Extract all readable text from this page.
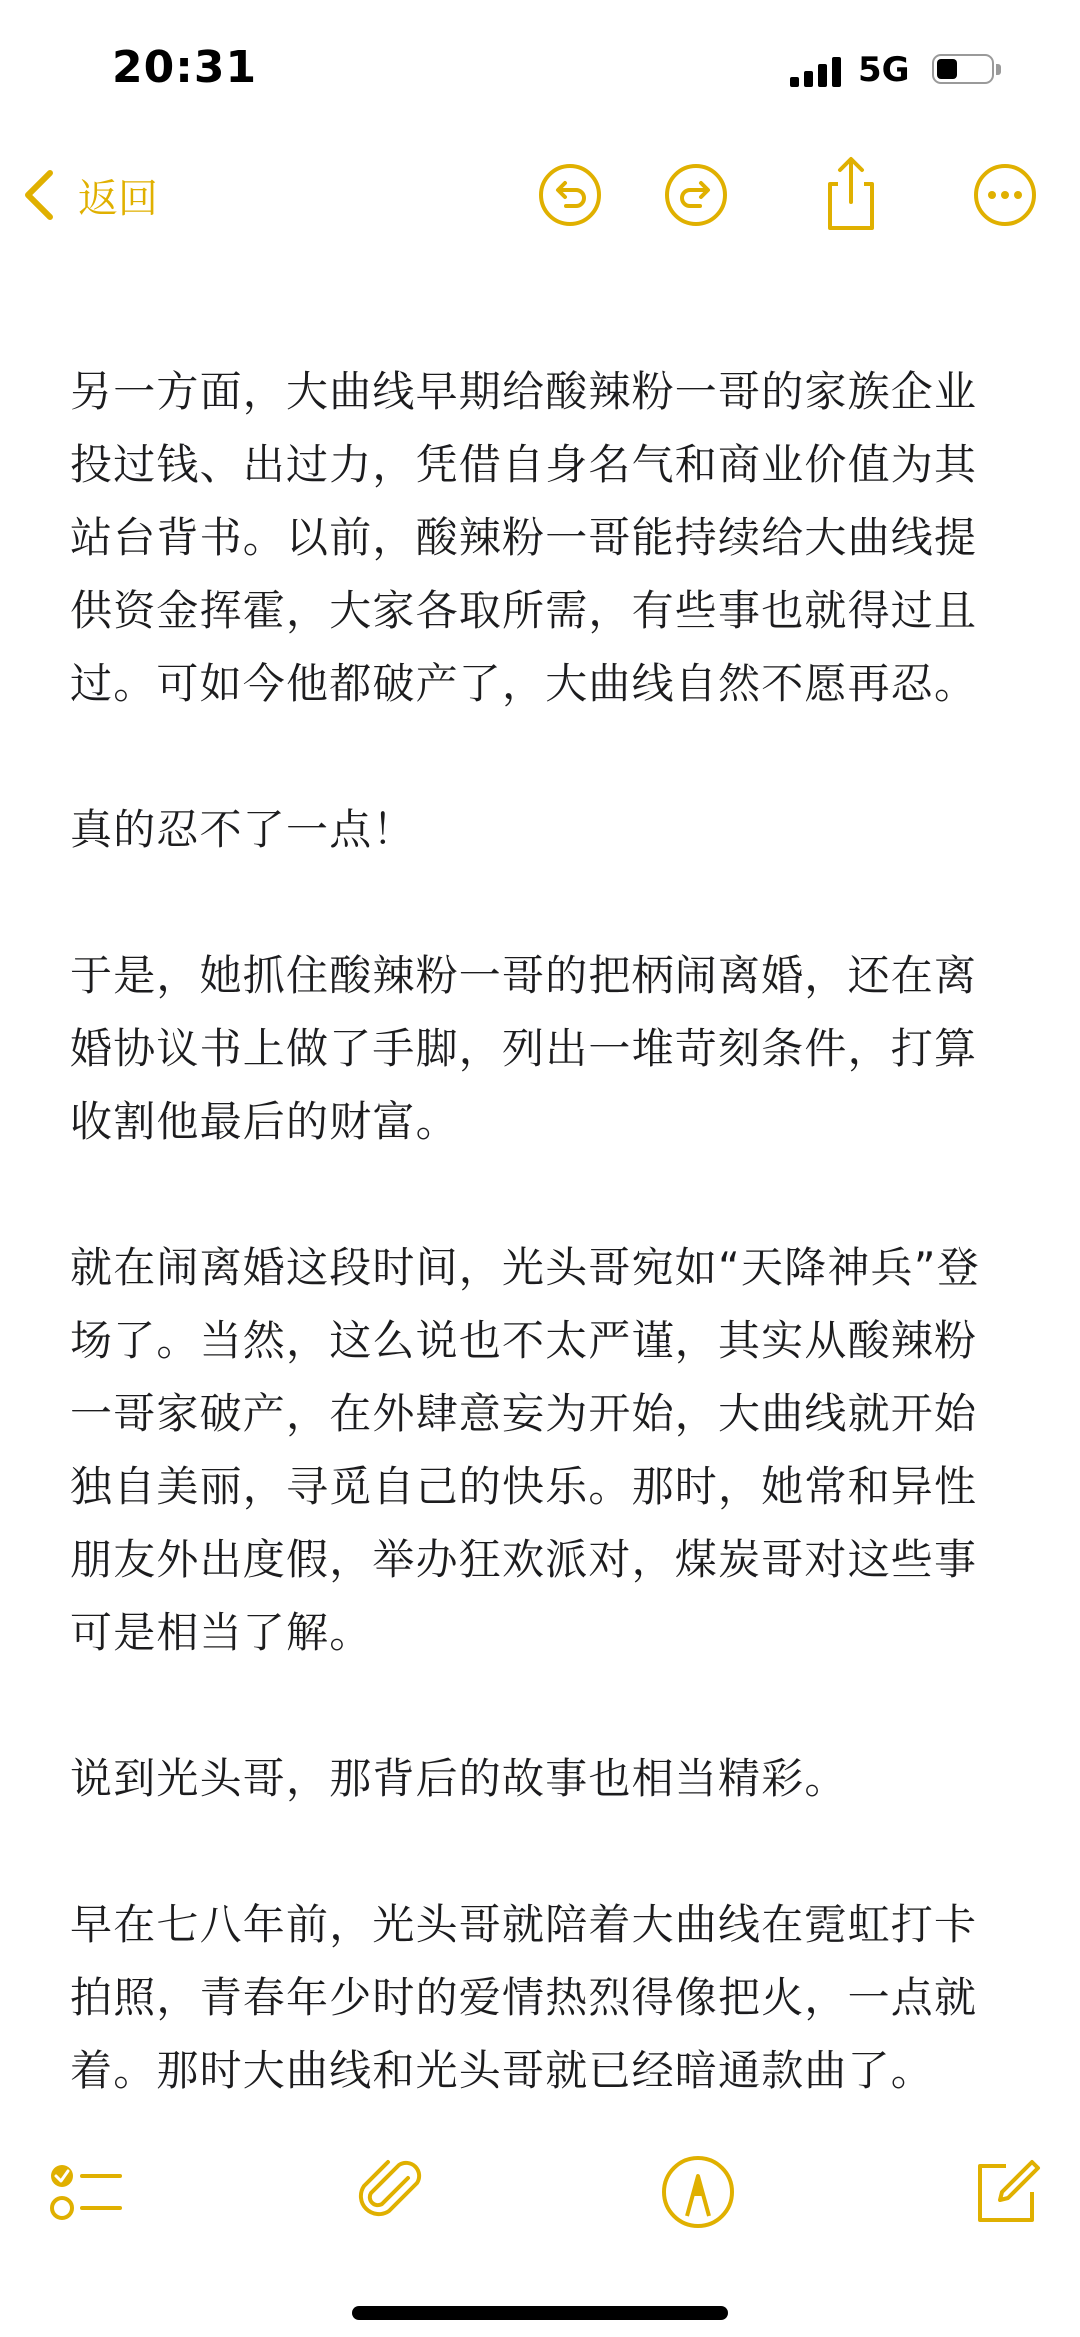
20:31	5G
返回

另一方面，大曲线早期给酸辣粉一哥的家族企业投过钱、出过力，凭借自身名气和商业价值为其站台背书。以前，酸辣粉一哥能持续给大曲线提供资金挥霍，大家各取所需，有些事也就得过且过。可如今他都破产了，大曲线自然不愿再忍。

真的忍不了一点！

于是，她抓住酸辣粉一哥的把柄闹离婚，还在离婚协议书上做了手脚，列出一堆苛刻条件，打算收割他最后的财富。

就在闹离婚这段时间，光头哥宛如“天降神兵”登场了。当然，这么说也不太严谨，其实从酸辣粉一哥家破产，在外肆意妄为开始，大曲线就开始独自美丽，寻觅自己的快乐。那时，她常和异性朋友外出度假，举办狂欢派对，煤炭哥对这些事可是相当了解。

说到光头哥，那背后的故事也相当精彩。

早在七八年前，光头哥就陪着大曲线在霓虹打卡拍照，青春年少时的爱情热烈得像把火，一点就着。那时大曲线和光头哥就已经暗通款曲了。
